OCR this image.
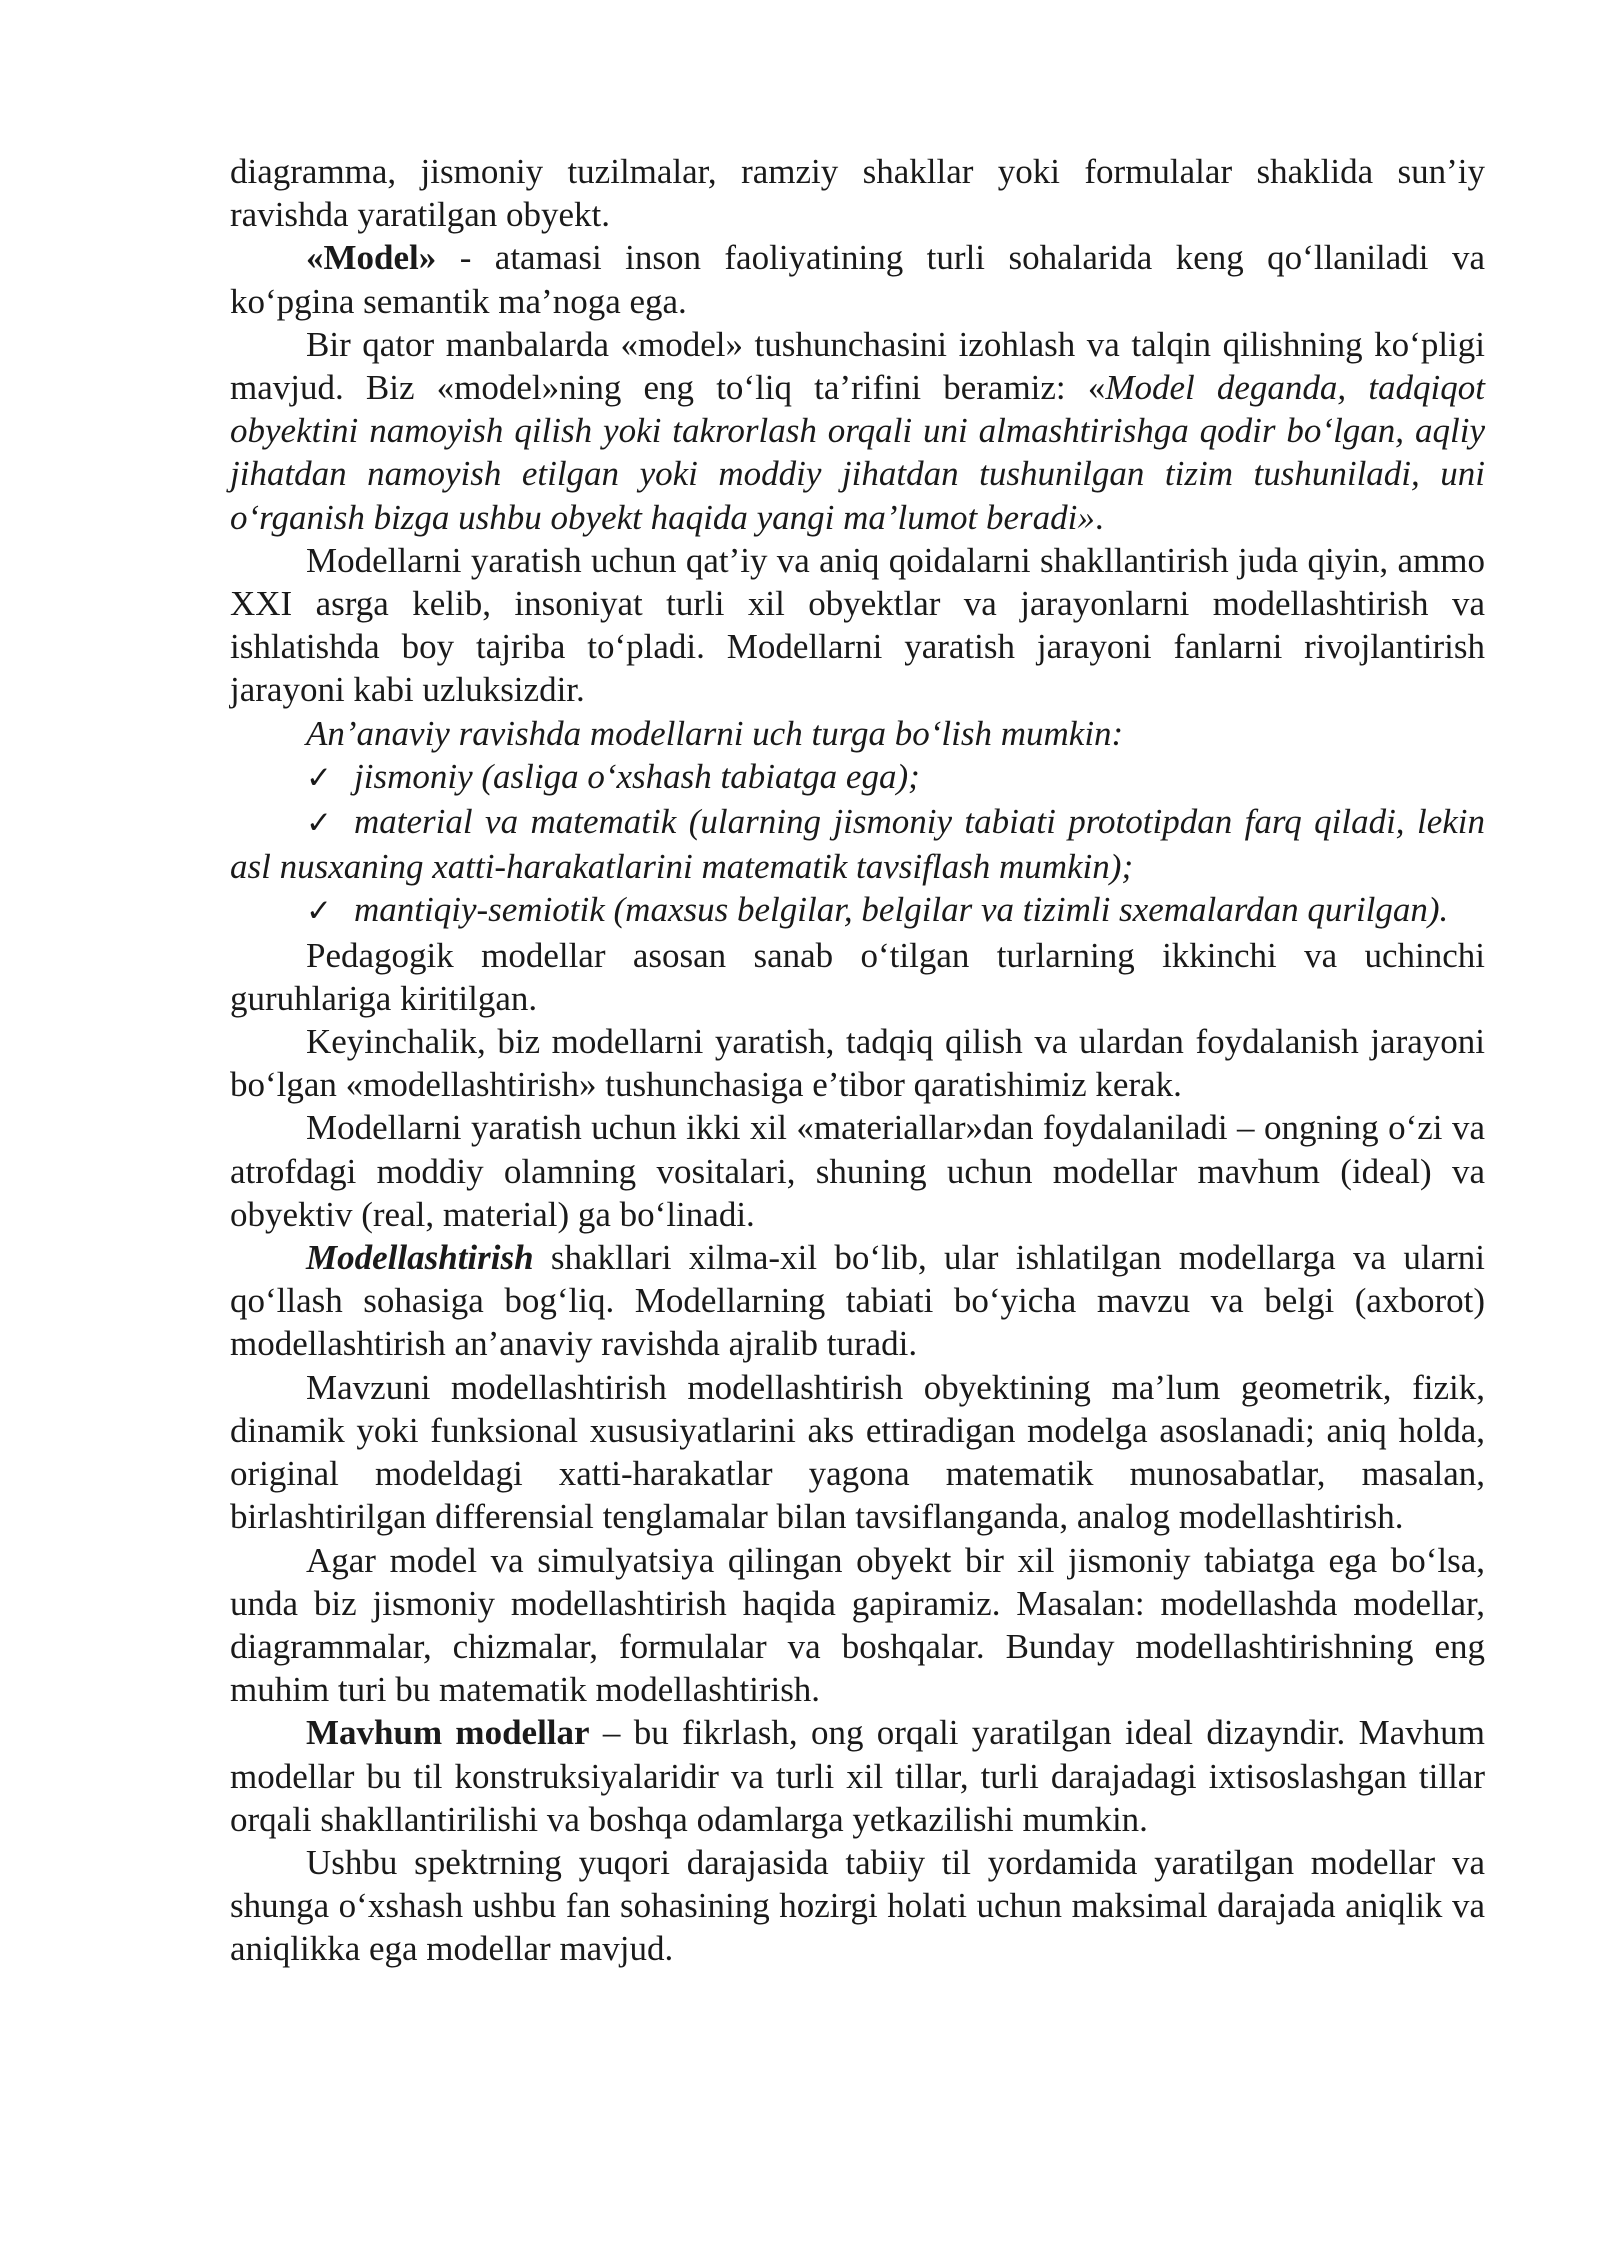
diagramma, jismoniy tuzilmalar, ramziy shakllar yoki formulalar shaklida sun’iy ravishda yaratilgan obyekt.

«Model» - atamasi inson faoliyatining turli sohalarida keng qo‘llaniladi va ko‘pgina semantik ma’noga ega.

Bir qator manbalarda «model» tushunchasini izohlash va talqin qilishning ko‘pligi mavjud. Biz «model»ning eng to‘liq ta’rifini beramiz: «Model deganda, tadqiqot obyektini namoyish qilish yoki takrorlash orqali uni almashtirishga qodir bo‘lgan, aqliy jihatdan namoyish etilgan yoki moddiy jihatdan tushunilgan tizim tushuniladi, uni o‘rganish bizga ushbu obyekt haqida yangi ma’lumot beradi».

Modellarni yaratish uchun qat’iy va aniq qoidalarni shakllantirish juda qiyin, ammo XXI asrga kelib, insoniyat turli xil obyektlar va jarayonlarni modellashtirish va ishlatishda boy tajriba to‘pladi. Modellarni yaratish jarayoni fanlarni rivojlantirish jarayoni kabi uzluksizdir.

An’anaviy ravishda modellarni uch turga bo‘lish mumkin:

✓ jismoniy (asliga o‘xshash tabiatga ega);

✓ material va matematik (ularning jismoniy tabiati prototipdan farq qiladi, lekin asl nusxaning xatti-harakatlarini matematik tavsiflash mumkin);

✓ mantiqiy-semiotik (maxsus belgilar, belgilar va tizimli sxemalardan qurilgan).

Pedagogik modellar asosan sanab o‘tilgan turlarning ikkinchi va uchinchi guruhlariga kiritilgan.

Keyinchalik, biz modellarni yaratish, tadqiq qilish va ulardan foydalanish jarayoni bo‘lgan «modellashtirish» tushunchasiga e’tibor qaratishimiz kerak.

Modellarni yaratish uchun ikki xil «materiallar»dan foydalaniladi – ongning o‘zi va atrofdagi moddiy olamning vositalari, shuning uchun modellar mavhum (ideal) va obyektiv (real, material) ga bo‘linadi.

Modellashtirish shakllari xilma-xil bo‘lib, ular ishlatilgan modellarga va ularni qo‘llash sohasiga bog‘liq. Modellarning tabiati bo‘yicha mavzu va belgi (axborot) modellashtirish an’anaviy ravishda ajralib turadi.

Mavzuni modellashtirish modellashtirish obyektining ma’lum geometrik, fizik, dinamik yoki funksional xususiyatlarini aks ettiradigan modelga asoslanadi; aniq holda, original modeldagi xatti-harakatlar yagona matematik munosabatlar, masalan, birlashtirilgan differensial tenglamalar bilan tavsiflanganda, analog modellashtirish.

Agar model va simulyatsiya qilingan obyekt bir xil jismoniy tabiatga ega bo‘lsa, unda biz jismoniy modellashtirish haqida gapiramiz. Masalan: modellashda modellar, diagrammalar, chizmalar, formulalar va boshqalar. Bunday modellashtirishning eng muhim turi bu matematik modellashtirish.

Mavhum modellar – bu fikrlash, ong orqali yaratilgan ideal dizayndir. Mavhum modellar bu til konstruksiyalaridir va turli xil tillar, turli darajadagi ixtisoslashgan tillar orqali shakllantirilishi va boshqa odamlarga yetkazilishi mumkin.

Ushbu spektrning yuqori darajasida tabiiy til yordamida yaratilgan modellar va shunga o‘xshash ushbu fan sohasining hozirgi holati uchun maksimal darajada aniqlik va aniqlikka ega modellar mavjud.
